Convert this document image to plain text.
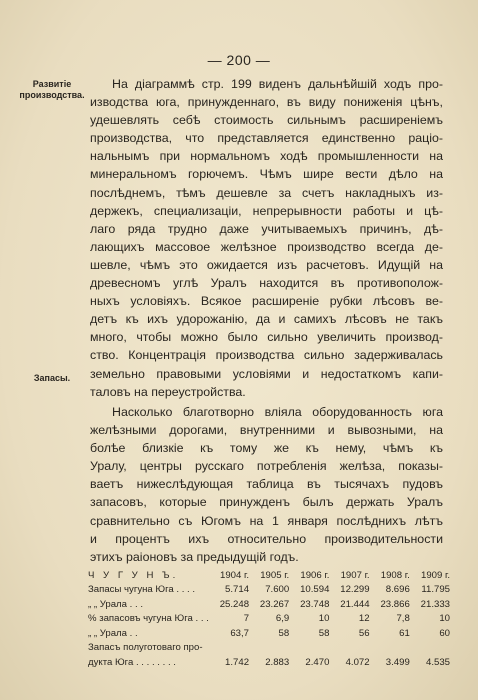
— 200 —
Развитіе производства.
Запасы.
На діаграммѣ стр. 199 виденъ дальнѣйшій ходъ про-
изводства юга, принужденнаго, въ виду пониженія цѣнъ,
удешевлять себѣ стоимость сильнымъ расширеніемъ
производства, что представляется единственно раціо-
нальнымъ при нормальномъ ходѣ промышленности на
минеральномъ горючемъ. Чѣмъ шире вести дѣло на
послѣднемъ, тѣмъ дешевле за счетъ накладныхъ из-
держекъ, специализаціи, непрерывности работы и цѣ-
лаго ряда трудно даже учитываемыхъ причинъ, дѣ-
лающихъ массовое желѣзное производство всегда де-
шевле, чѣмъ это ожидается изъ расчетовъ. Идущій на
древесномъ углѣ Уралъ находится въ противополож-
ныхъ условіяхъ. Всякое расширеніе рубки лѣсовъ ве-
детъ къ ихъ удорожанію, да и самихъ лѣсовъ не такъ
много, чтобы можно было сильно увеличить производ-
ство. Концентрація производства сильно задерживалась
земельно правовыми условіями и недостаткомъ капи-
таловъ на переустройства.
Насколько благотворно вліяла оборудованность юга
желѣзными дорогами, внутренними и вывозными, на
болѣе близкіе къ тому же къ нему, чѣмъ къ
Уралу, центры русскаго потребленія желѣза, показы-
ваетъ нижеслѣдующая таблица въ тысячахъ пудовъ
запасовъ, которые принужденъ былъ держать Уралъ
сравнительно съ Югомъ на 1 января послѣднихъ лѣтъ
и процентъ ихъ относительно производительности
этихъ раіоновъ за предыдущій годъ.
Ч У Г У Н Ъ.	1904 г.	1905 г.	1906 г.	1907 г.	1908 г.	1909 г.
Запасы чугуна Юга . . . .	5.714	7.600	10.594	12.299	8.696	11.795
„ „ Урала . . .	25.248	23.267	23.748	21.444	23.866	21.333
% запасовъ чугуна Юга . . .	7	6,9	10	12	7,8	10
„ „ Урала . .	63,7	58	58	56	61	60
Запасъ полуготоваго про-						
дукта Юга . . . . . . . .	1.742	2.883	2.470	4.072	3.499	4.535
